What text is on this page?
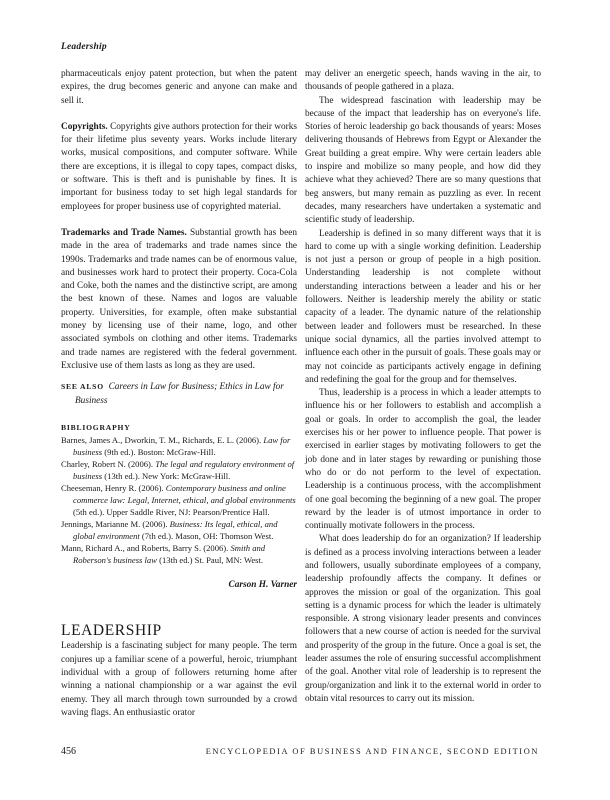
Leadership

pharmaceuticals enjoy patent protection, but when the patent expires, the drug becomes generic and anyone can make and sell it.

Copyrights. Copyrights give authors protection for their works for their lifetime plus seventy years. Works include literary works, musical compositions, and computer software. While there are exceptions, it is illegal to copy tapes, compact disks, or software. This is theft and is punishable by fines. It is important for business today to set high legal standards for employees for proper business use of copyrighted material.

Trademarks and Trade Names. Substantial growth has been made in the area of trademarks and trade names since the 1990s. Trademarks and trade names can be of enormous value, and businesses work hard to protect their property. Coca-Cola and Coke, both the names and the distinctive script, are among the best known of these. Names and logos are valuable property. Universities, for example, often make substantial money by licensing use of their name, logo, and other associated symbols on clothing and other items. Trademarks and trade names are registered with the federal government. Exclusive use of them lasts as long as they are used.

SEE ALSO Careers in Law for Business; Ethics in Law for Business

BIBLIOGRAPHY

Barnes, James A., Dworkin, T. M., Richards, E. L. (2006). Law for business (9th ed.). Boston: McGraw-Hill.

Charley, Robert N. (2006). The legal and regulatory environment of business (13th ed.). New York: McGraw-Hill.

Cheeseman, Henry R. (2006). Contemporary business and online commerce law: Legal, Internet, ethical, and global environments (5th ed.). Upper Saddle River, NJ: Pearson/Prentice Hall.

Jennings, Marianne M. (2006). Business: Its legal, ethical, and global environment (7th ed.). Mason, OH: Thomson West.

Mann, Richard A., and Roberts, Barry S. (2006). Smith and Roberson's business law (13th ed.) St. Paul, MN: West.

Carson H. Varner

LEADERSHIP

Leadership is a fascinating subject for many people. The term conjures up a familiar scene of a powerful, heroic, triumphant individual with a group of followers returning home after winning a national championship or a war against the evil enemy. They all march through town surrounded by a crowd waving flags. An enthusiastic orator

may deliver an energetic speech, hands waving in the air, to thousands of people gathered in a plaza.

The widespread fascination with leadership may be because of the impact that leadership has on everyone's life. Stories of heroic leadership go back thousands of years: Moses delivering thousands of Hebrews from Egypt or Alexander the Great building a great empire. Why were certain leaders able to inspire and mobilize so many people, and how did they achieve what they achieved? There are so many questions that beg answers, but many remain as puzzling as ever. In recent decades, many researchers have undertaken a systematic and scientific study of leadership.

Leadership is defined in so many different ways that it is hard to come up with a single working definition. Leadership is not just a person or group of people in a high position. Understanding leadership is not complete without understanding interactions between a leader and his or her followers. Neither is leadership merely the ability or static capacity of a leader. The dynamic nature of the relationship between leader and followers must be researched. In these unique social dynamics, all the parties involved attempt to influence each other in the pursuit of goals. These goals may or may not coincide as participants actively engage in defining and redefining the goal for the group and for themselves.

Thus, leadership is a process in which a leader attempts to influence his or her followers to establish and accomplish a goal or goals. In order to accomplish the goal, the leader exercises his or her power to influence people. That power is exercised in earlier stages by motivating followers to get the job done and in later stages by rewarding or punishing those who do or do not perform to the level of expectation. Leadership is a continuous process, with the accomplishment of one goal becoming the beginning of a new goal. The proper reward by the leader is of utmost importance in order to continually motivate followers in the process.

What does leadership do for an organization? If leadership is defined as a process involving interactions between a leader and followers, usually subordinate employees of a company, leadership profoundly affects the company. It defines or approves the mission or goal of the organization. This goal setting is a dynamic process for which the leader is ultimately responsible. A strong visionary leader presents and convinces followers that a new course of action is needed for the survival and prosperity of the group in the future. Once a goal is set, the leader assumes the role of ensuring successful accomplishment of the goal. Another vital role of leadership is to represent the group/organization and link it to the external world in order to obtain vital resources to carry out its mission.

456	ENCYCLOPEDIA OF BUSINESS AND FINANCE, SECOND EDITION
